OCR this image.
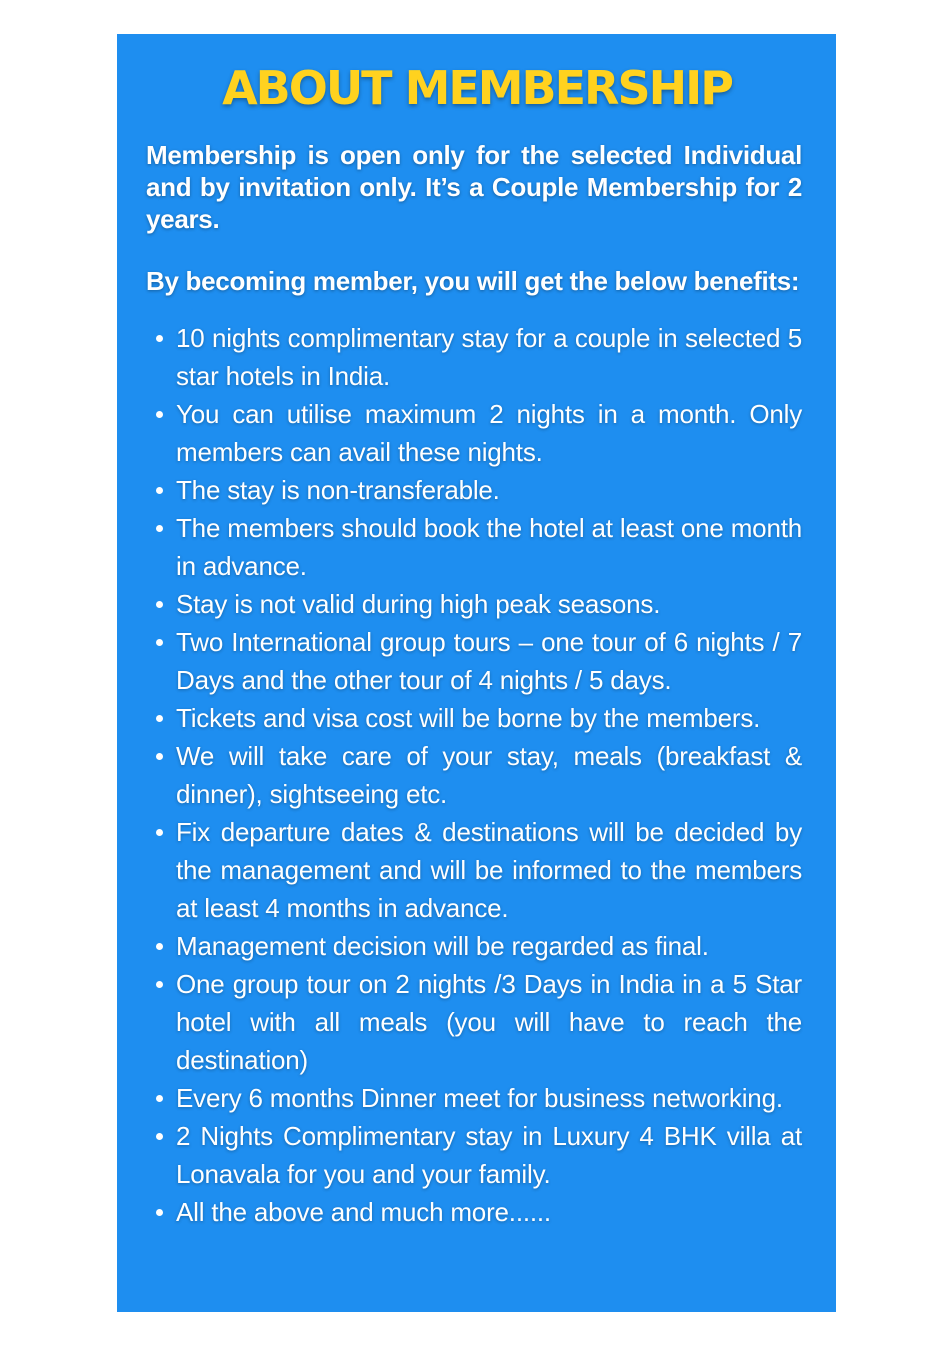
ABOUT MEMBERSHIP

Membership is open only for the selected Individual and by invitation only. It’s a Couple Membership for 2 years.

By becoming member, you will get the below benefits:

10 nights complimentary stay for a couple in selected 5 star hotels in India.
You can utilise maximum 2 nights in a month. Only members can avail these nights.
The stay is non-transferable.
The members should book the hotel at least one month in advance.
Stay is not valid during high peak seasons.
Two International group tours – one tour of 6 nights / 7 Days and the other tour of 4 nights / 5 days.
Tickets and visa cost will be borne by the members.
We will take care of your stay, meals (breakfast & dinner), sightseeing etc.
Fix departure dates & destinations will be decided by the management and will be informed to the members at least 4 months in advance.
Management decision will be regarded as final.
One group tour on 2 nights /3 Days in India in a 5 Star hotel with all meals (you will have to reach the destination)
Every 6 months Dinner meet for business networking.
2 Nights Complimentary stay in Luxury 4 BHK villa at Lonavala for you and your family.
All the above and much more......
